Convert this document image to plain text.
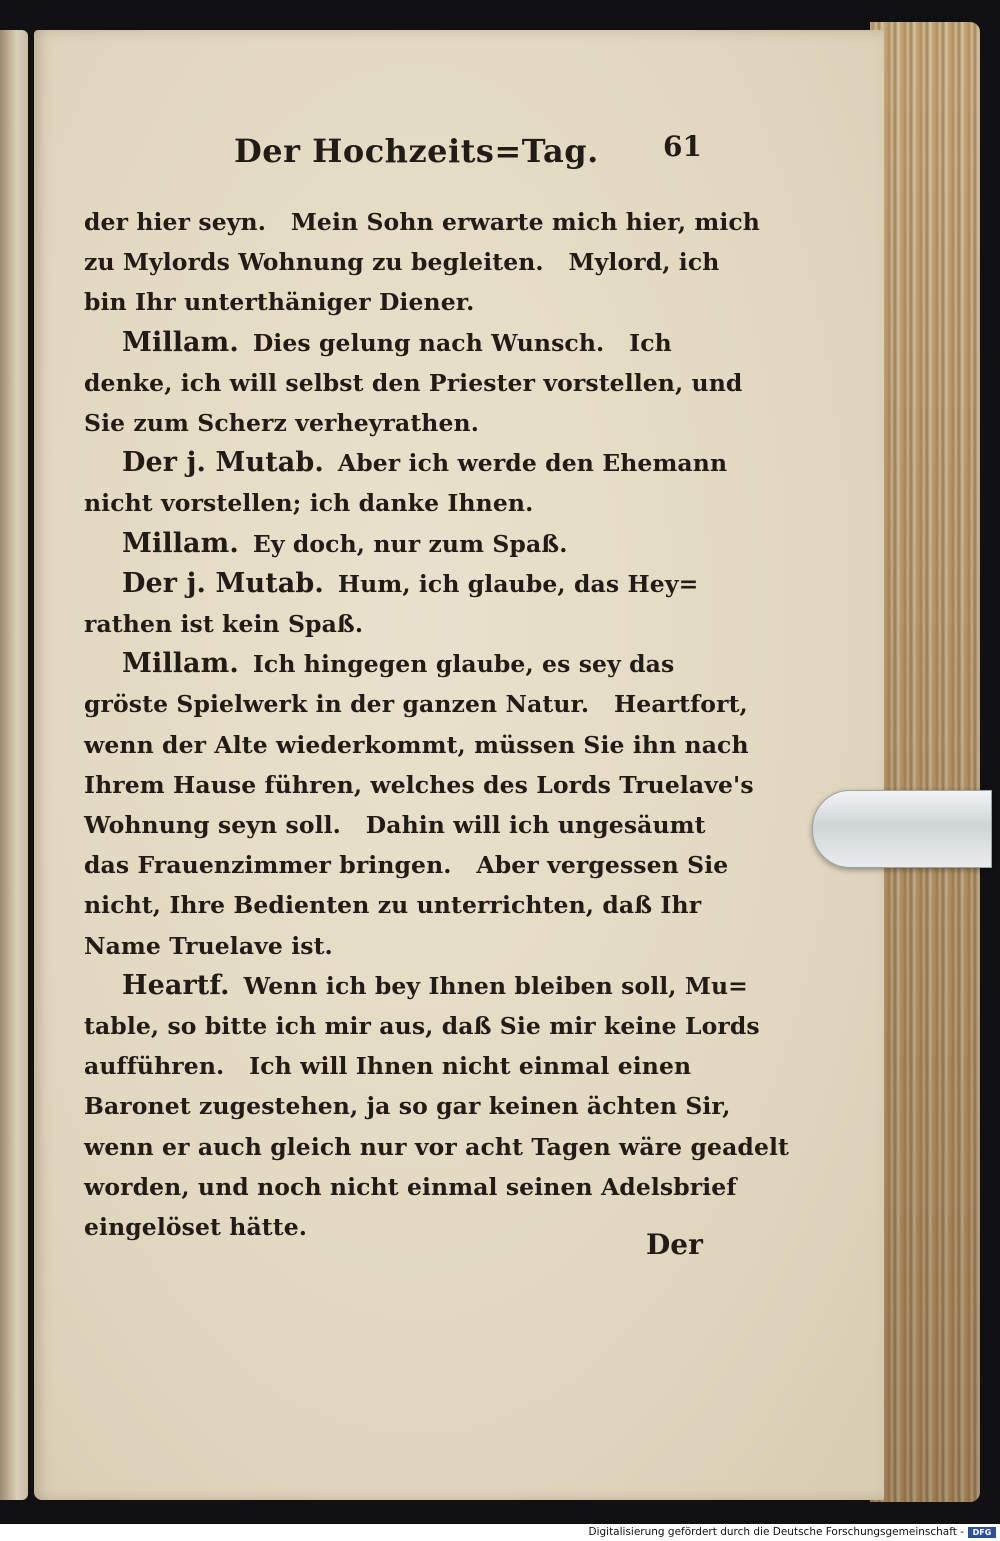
Der Hochzeits=Tag. 61
der hier seyn.   Mein Sohn erwarte mich hier, mich
zu Mylords Wohnung zu begleiten.   Mylord, ich
bin Ihr unterthäniger Diener.
Millam. Dies gelung nach Wunsch.   Ich
denke, ich will selbst den Priester vorstellen, und
Sie zum Scherz verheyrathen.
Der j. Mutab. Aber ich werde den Ehemann
nicht vorstellen; ich danke Ihnen.
Millam. Ey doch, nur zum Spaß.
Der j. Mutab. Hum, ich glaube, das Hey=
rathen ist kein Spaß.
Millam. Ich hingegen glaube, es sey das
gröste Spielwerk in der ganzen Natur.   Heartfort,
wenn der Alte wiederkommt, müssen Sie ihn nach
Ihrem Hause führen, welches des Lords Truelave's
Wohnung seyn soll.   Dahin will ich ungesäumt
das Frauenzimmer bringen.   Aber vergessen Sie
nicht, Ihre Bedienten zu unterrichten, daß Ihr
Name Truelave ist.
Heartf. Wenn ich bey Ihnen bleiben soll, Mu=
table, so bitte ich mir aus, daß Sie mir keine Lords
aufführen.   Ich will Ihnen nicht einmal einen
Baronet zugestehen, ja so gar keinen ächten Sir,
wenn er auch gleich nur vor acht Tagen wäre geadelt
worden, und noch nicht einmal seinen Adelsbrief
eingelöset hätte.
Der
Digitalisierung gefördert durch die Deutsche Forschungsgemeinschaft -	DFG
